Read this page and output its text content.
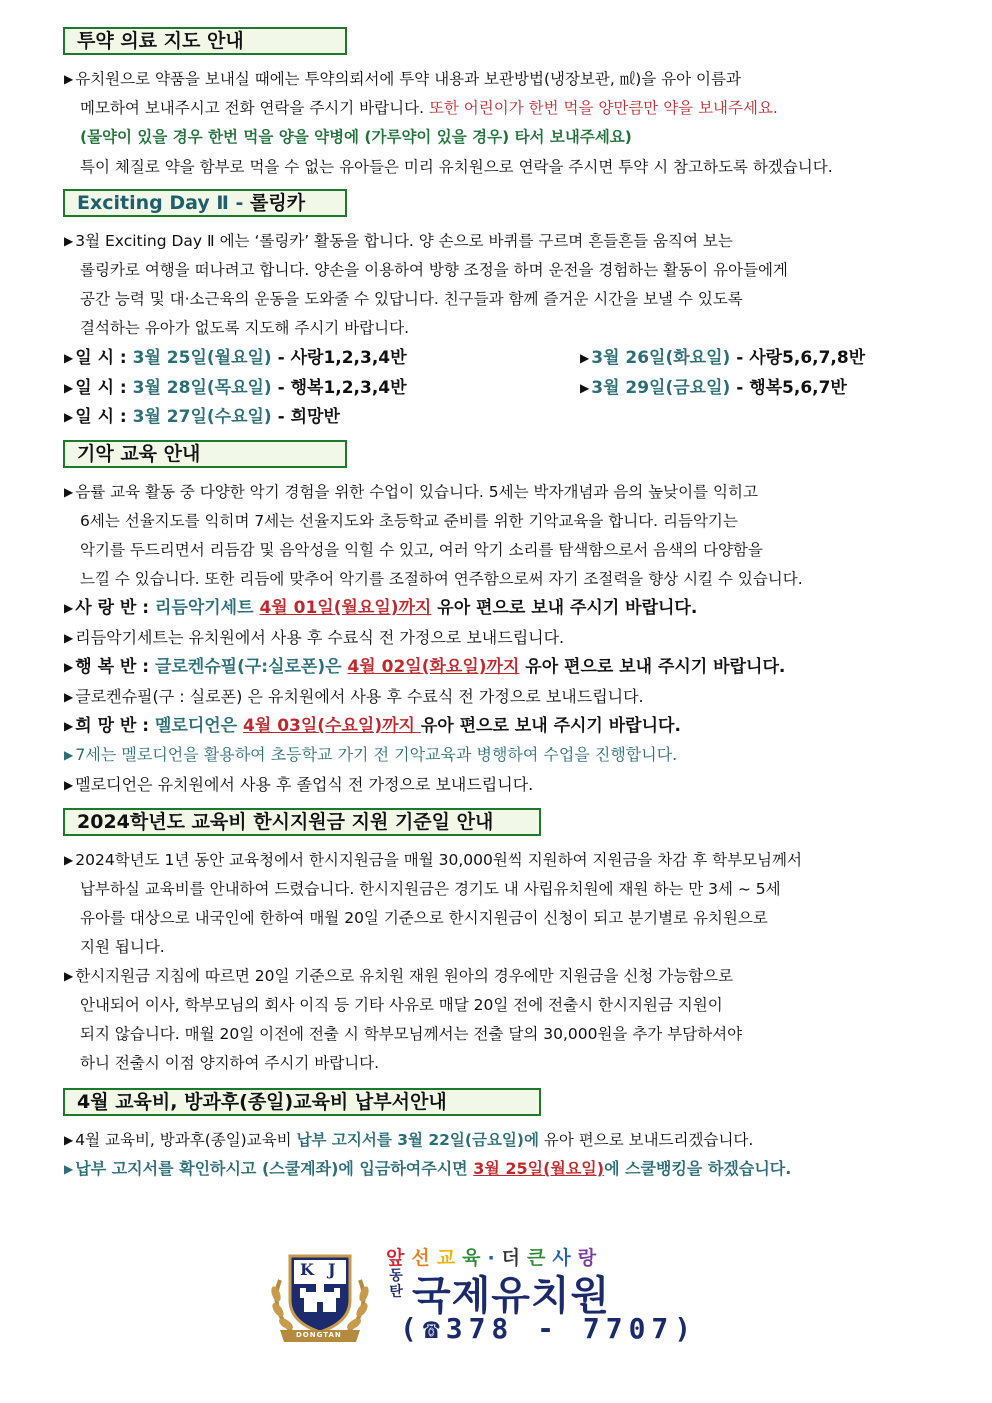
투약 의료 지도 안내
▶ 유치원으로 약품을 보내실 때에는 투약의뢰서에 투약 내용과 보관방법(냉장보관, ㎖)을 유아 이름과
메모하여 보내주시고 전화 연락을 주시기 바랍니다. 또한 어린이가 한번 먹을 양만큼만 약을 보내주세요.
(물약이 있을 경우 한번 먹을 양을 약병에 (가루약이 있을 경우) 타서 보내주세요)
특이 체질로 약을 함부로 먹을 수 없는 유아들은 미리 유치원으로 연락을 주시면 투약 시 참고하도록 하겠습니다.
Exciting Day Ⅱ - 롤링카
▶ 3월 Exciting Day Ⅱ 에는 ‘롤링카’ 활동을 합니다. 양 손으로 바퀴를 구르며 흔들흔들 움직여 보는
롤링카로 여행을 떠나려고 합니다. 양손을 이용하여 방향 조정을 하며 운전을 경험하는 활동이 유아들에게
공간 능력 및 대·소근육의 운동을 도와줄 수 있답니다. 친구들과 함께 즐거운 시간을 보낼 수 있도록
결석하는 유아가 없도록 지도해 주시기 바랍니다.
▶ 일 시 : 3월 25일(월요일) - 사랑1,2,3,4반	▶ 3월 26일(화요일) - 사랑5,6,7,8반
▶ 일 시 : 3월 28일(목요일) - 행복1,2,3,4반	▶ 3월 29일(금요일) - 행복5,6,7반
▶ 일 시 : 3월 27일(수요일) - 희망반
기악 교육 안내
▶ 음률 교육 활동 중 다양한 악기 경험을 위한 수업이 있습니다. 5세는 박자개념과 음의 높낮이를 익히고
6세는 선율지도를 익히며 7세는 선율지도와 초등학교 준비를 위한 기악교육을 합니다. 리듬악기는
악기를 두드리면서 리듬감 및 음악성을 익힐 수 있고, 여러 악기 소리를 탐색함으로서 음색의 다양함을
느낄 수 있습니다. 또한 리듬에 맞추어 악기를 조절하여 연주함으로써 자기 조절력을 향상 시킬 수 있습니다.
▶ 사 랑 반 : 리듬악기세트 4월 01일(월요일)까지 유아 편으로 보내 주시기 바랍니다.
▶ 리듬악기세트는 유치원에서 사용 후 수료식 전 가정으로 보내드립니다.
▶ 행 복 반 : 글로켄슈필(구:실로폰)은 4월 02일(화요일)까지 유아 편으로 보내 주시기 바랍니다.
▶ 글로켄슈필(구 : 실로폰) 은 유치원에서 사용 후 수료식 전 가정으로 보내드립니다.
▶ 희 망 반 : 멜로디언은 4월 03일(수요일)까지 유아 편으로 보내 주시기 바랍니다.
▶ 7세는 멜로디언을 활용하여 초등학교 가기 전 기악교육과 병행하여 수업을 진행합니다.
▶ 멜로디언은 유치원에서 사용 후 졸업식 전 가정으로 보내드립니다.
2024학년도 교육비 한시지원금 지원 기준일 안내
▶ 2024학년도 1년 동안 교육청에서 한시지원금을 매월 30,000원씩 지원하여 지원금을 차감 후 학부모님께서
납부하실 교육비를 안내하여 드렸습니다. 한시지원금은 경기도 내 사립유치원에 재원 하는 만 3세 ~ 5세
유아를 대상으로 내국인에 한하여 매월 20일 기준으로 한시지원금이 신청이 되고 분기별로 유치원으로
지원 됩니다.
▶ 한시지원금 지침에 따르면 20일 기준으로 유치원 재원 원아의 경우에만 지원금을 신청 가능함으로
안내되어 이사, 학부모님의 회사 이직 등 기타 사유로 매달 20일 전에 전출시 한시지원금 지원이
되지 않습니다. 매월 20일 이전에 전출 시 학부모님께서는 전출 달의 30,000원을 추가 부담하셔야
하니 전출시 이점 양지하여 주시기 바랍니다.
4월 교육비, 방과후(종일)교육비 납부서안내
▶ 4월 교육비, 방과후(종일)교육비 납부 고지서를 3월 22일(금요일)에 유아 편으로 보내드리겠습니다.
▶ 납부 고지서를 확인하시고 (스쿨계좌)에 입금하여주시면 3월 25일(월요일)에 스쿨뱅킹을 하겠습니다.
K J
DONGTAN
앞선교육·더큰사랑
동
탄 국제유치원
(☎378 - 7707)
